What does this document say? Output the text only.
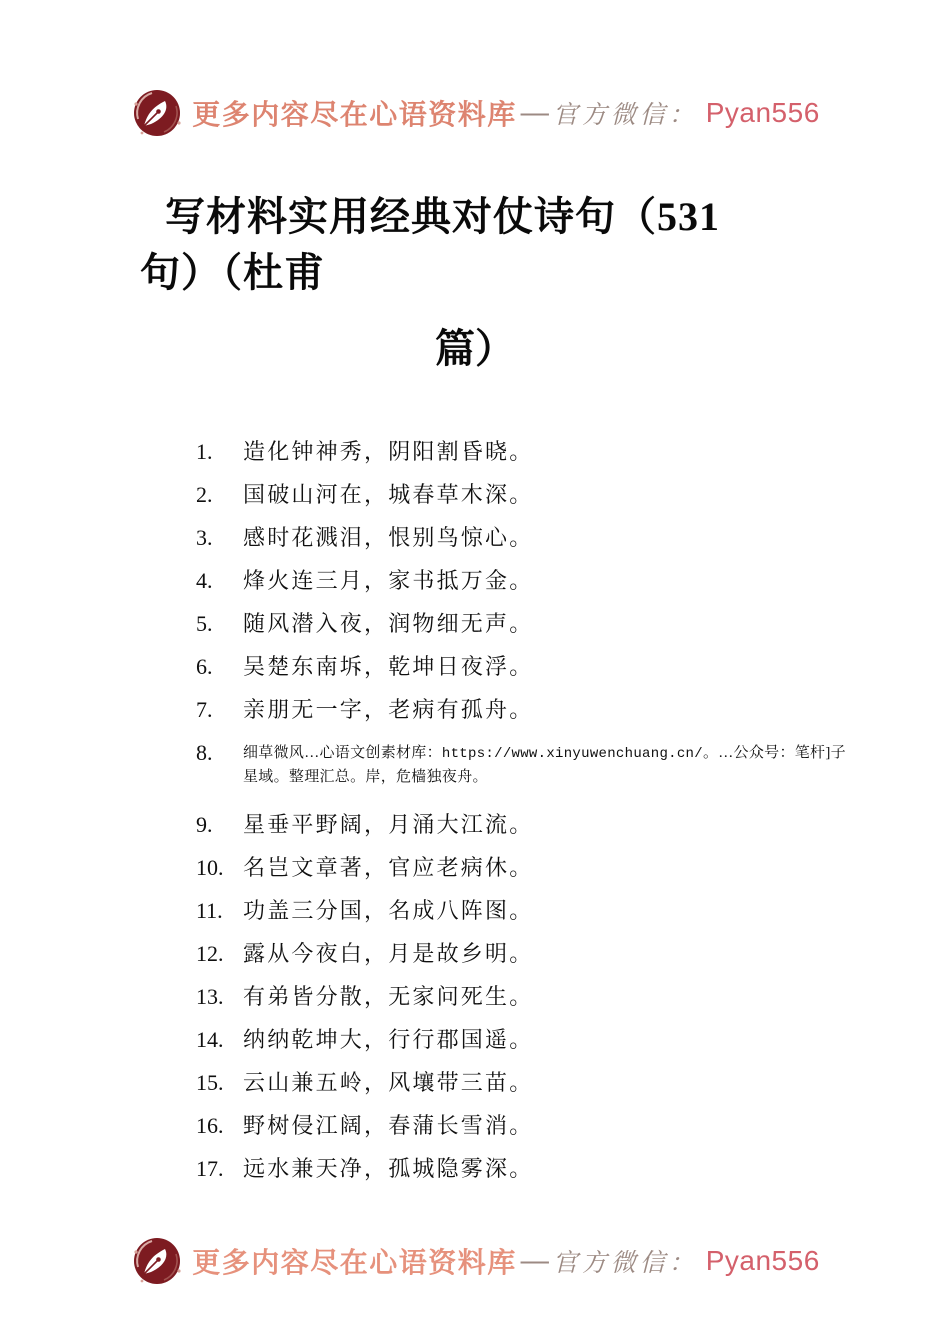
更多内容尽在心语资料库 — 官方微信： Pyan556
写材料实用经典对仗诗句（531
句）（杜甫
篇）
1.	造化钟神秀，阴阳割昏晓。
2.	国破山河在，城春草木深。
3.	感时花溅泪，恨别鸟惊心。
4.	烽火连三月，家书抵万金。
5.	随风潜入夜，润物细无声。
6.	吴楚东南坼，乾坤日夜浮。
7.	亲朋无一字，老病有孤舟。
8.	细草微风…心语文创素材库：https://www.xinyuwenchuang.cn/。…公众号：笔杆]子星域。整理汇总。岸，危樯独夜舟。
9.	星垂平野阔，月涌大江流。
10. 名岂文章著，官应老病休。
11. 功盖三分国，名成八阵图。
12. 露从今夜白，月是故乡明。
13. 有弟皆分散，无家问死生。
14. 纳纳乾坤大，行行郡国遥。
15. 云山兼五岭，风壤带三苗。
16. 野树侵江阔，春蒲长雪消。
17. 远水兼天净，孤城隐雾深。
更多内容尽在心语资料库 — 官方微信： Pyan556
